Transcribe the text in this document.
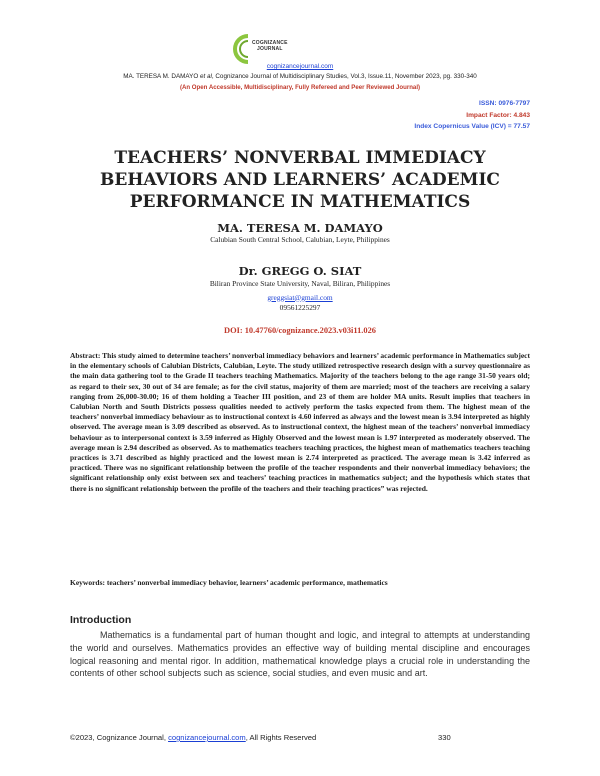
COGNIZANCE
JOURNAL
cognizancejournal.com
MA. TERESA M. DAMAYO et al, Cognizance Journal of Multidisciplinary Studies, Vol.3, Issue.11, November 2023, pg. 330-340
(An Open Accessible, Multidisciplinary, Fully Refereed and Peer Reviewed Journal)
ISSN: 0976-7797
Impact Factor: 4.843
Index Copernicus Value (ICV) = 77.57
TEACHERS’ NONVERBAL IMMEDIACY
BEHAVIORS AND LEARNERS’ ACADEMIC
PERFORMANCE IN MATHEMATICS
MA. TERESA M. DAMAYO
Calubian South Central School, Calubian, Leyte, Philippines
Dr. GREGG O. SIAT
Biliran Province State University, Naval, Biliran, Philippines
greggsiat@gmail.com
09561225297
DOI: 10.47760/cognizance.2023.v03i11.026
Abstract: This study aimed to determine teachers’ nonverbal immediacy behaviors and learners’ academic performance in Mathematics subject in the elementary schools of Calubian Districts, Calubian, Leyte. The study utilized retrospective research design with a survey questionnaire as the main data gathering tool to the Grade II teachers teaching Mathematics. Majority of the teachers belong to the age range 31-50 years old; as regard to their sex, 30 out of 34 are female; as for the civil status, majority of them are married; most of the teachers are receiving a salary ranging from 26,000-30.00; 16 of them holding a Teacher III position, and 23 of them are holder MA units. Result implies that teachers in Calubian North and South Districts possess qualities needed to actively perform the tasks expected from them. The highest mean of the teachers’ nonverbal immediacy behaviour as to instructional context is 4.60 inferred as always and the lowest mean is 3.94 interpreted as highly observed. The average mean is 3.09 described as observed. As to instructional context, the highest mean of the teachers’ nonverbal immediacy behaviour as to interpersonal context is 3.59 inferred as Highly Observed and the lowest mean is 1.97 interpreted as moderately observed. The average mean is 2.94 described as observed. As to mathematics teachers teaching practices, the highest mean of mathematics teachers teaching practices is 3.71 described as highly practiced and the lowest mean is 2.74 interpreted as practiced. The average mean is 3.42 inferred as practiced. There was no significant relationship between the profile of the teacher respondents and their nonverbal immediacy behaviors; the significant relationship only exist between sex and teachers’ teaching practices in mathematics subject; and the hypothesis which states that there is no significant relationship between the profile of the teachers and their teaching practices” was rejected.
Keywords: teachers’ nonverbal immediacy behavior, learners’ academic performance, mathematics
Introduction
Mathematics is a fundamental part of human thought and logic, and integral to attempts at understanding the world and ourselves. Mathematics provides an effective way of building mental discipline and encourages logical reasoning and mental rigor. In addition, mathematical knowledge plays a crucial role in understanding the contents of other school subjects such as science, social studies, and even music and art.
©2023, Cognizance Journal, cognizancejournal.com, All Rights Reserved	330
